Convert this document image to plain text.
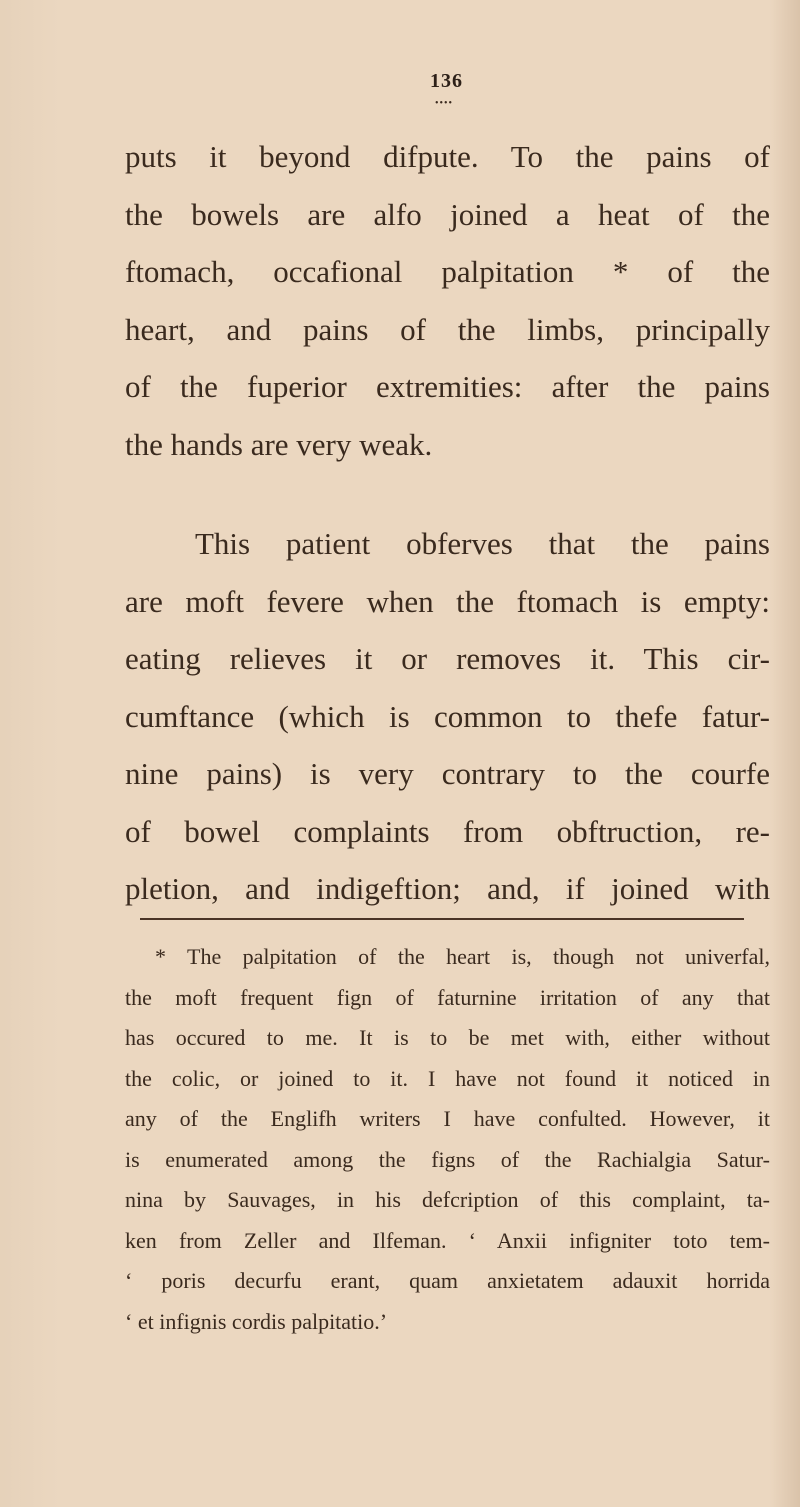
136
••••
puts it beyond difpute. To the pains of
the bowels are alfo joined a heat of the
ftomach, occafional palpitation * of the
heart, and pains of the limbs, principally
of the fuperior extremities: after the pains
the hands are very weak.
This patient obferves that the pains
are moft fevere when the ftomach is empty:
eating relieves it or removes it. This cir-
cumftance (which is common to thefe fatur-
nine pains) is very contrary to the courfe
of bowel complaints from obftruction, re-
pletion, and indigeftion; and, if joined with
* The palpitation of the heart is, though not univerfal,
the moft frequent fign of faturnine irritation of any that
has occured to me. It is to be met with, either without
the colic, or joined to it. I have not found it noticed in
any of the Englifh writers I have confulted. However, it
is enumerated among the figns of the Rachialgia Satur-
nina by Sauvages, in his defcription of this complaint, ta-
ken from Zeller and Ilfeman. ‘ Anxii infigniter toto tem-
‘ poris decurfu erant, quam anxietatem adauxit horrida
‘ et infignis cordis palpitatio.’
